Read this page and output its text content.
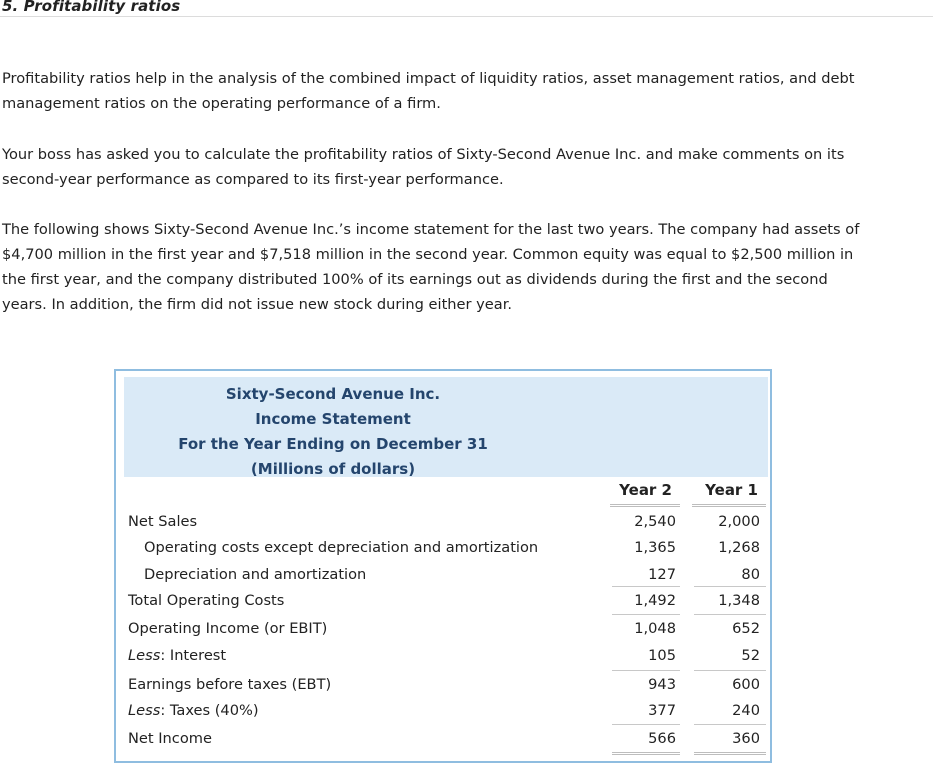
5. Profitability ratios

Profitability ratios help in the analysis of the combined impact of liquidity ratios, asset management ratios, and debt
management ratios on the operating performance of a firm.

Your boss has asked you to calculate the profitability ratios of Sixty-Second Avenue Inc. and make comments on its
second-year performance as compared to its first-year performance.

The following shows Sixty-Second Avenue Inc.’s income statement for the last two years. The company had assets of
$4,700 million in the first year and $7,518 million in the second year. Common equity was equal to $2,500 million in
the first year, and the company distributed 100% of its earnings out as dividends during the first and the second
years. In addition, the firm did not issue new stock during either year.

Sixty-Second Avenue Inc.
Income Statement
For the Year Ending on December 31
(Millions of dollars)
Year 2	Year 1
Net Sales	2,540	2,000
Operating costs except depreciation and amortization	1,365	1,268
Depreciation and amortization	127	80
Total Operating Costs	1,492	1,348
Operating Income (or EBIT)	1,048	652
Less: Interest	105	52
Earnings before taxes (EBT)	943	600
Less: Taxes (40%)	377	240
Net Income	566	360
